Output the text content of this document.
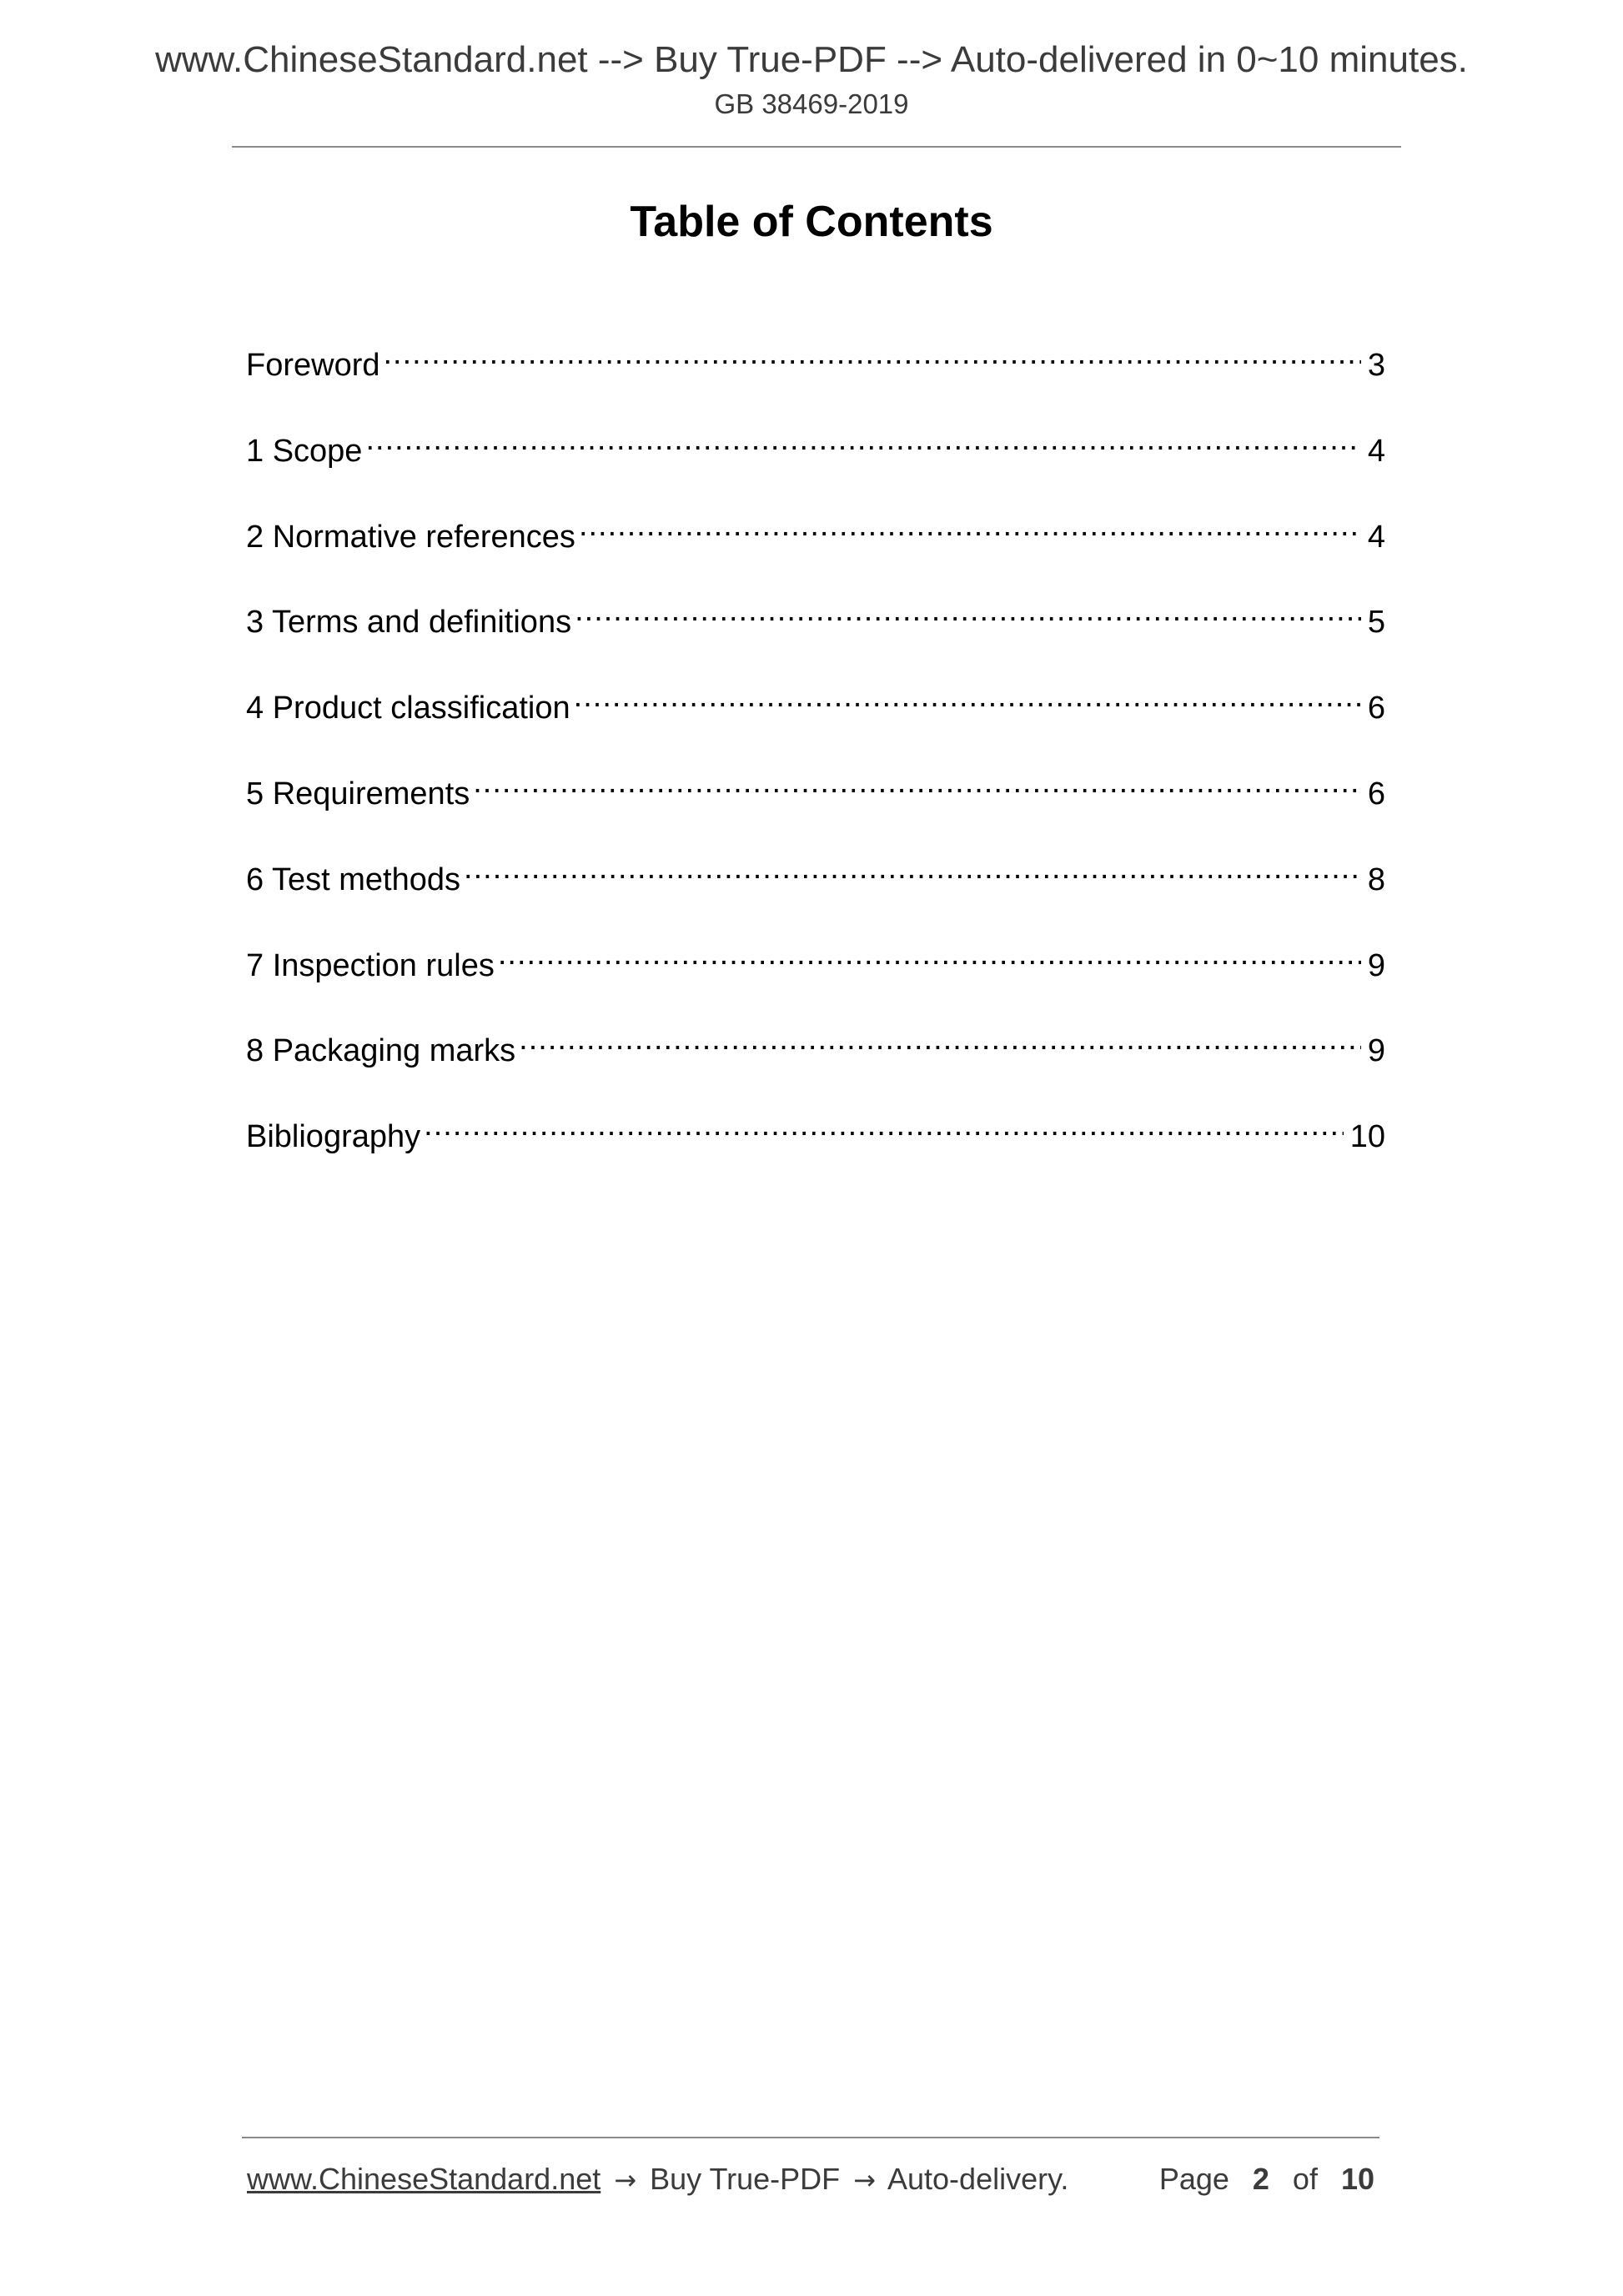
www.ChineseStandard.net --> Buy True-PDF --> Auto-delivered in 0~10 minutes.
GB 38469-2019
Table of Contents
Foreword .....	3
1 Scope .....	4
2 Normative references .....	4
3 Terms and definitions .....	5
4 Product classification .....	6
5 Requirements .....	6
6 Test methods .....	8
7 Inspection rules .....	9
8 Packaging marks .....	9
Bibliography .....	10
www.ChineseStandard.net → Buy True-PDF → Auto-delivery.	Page 2 of 10
